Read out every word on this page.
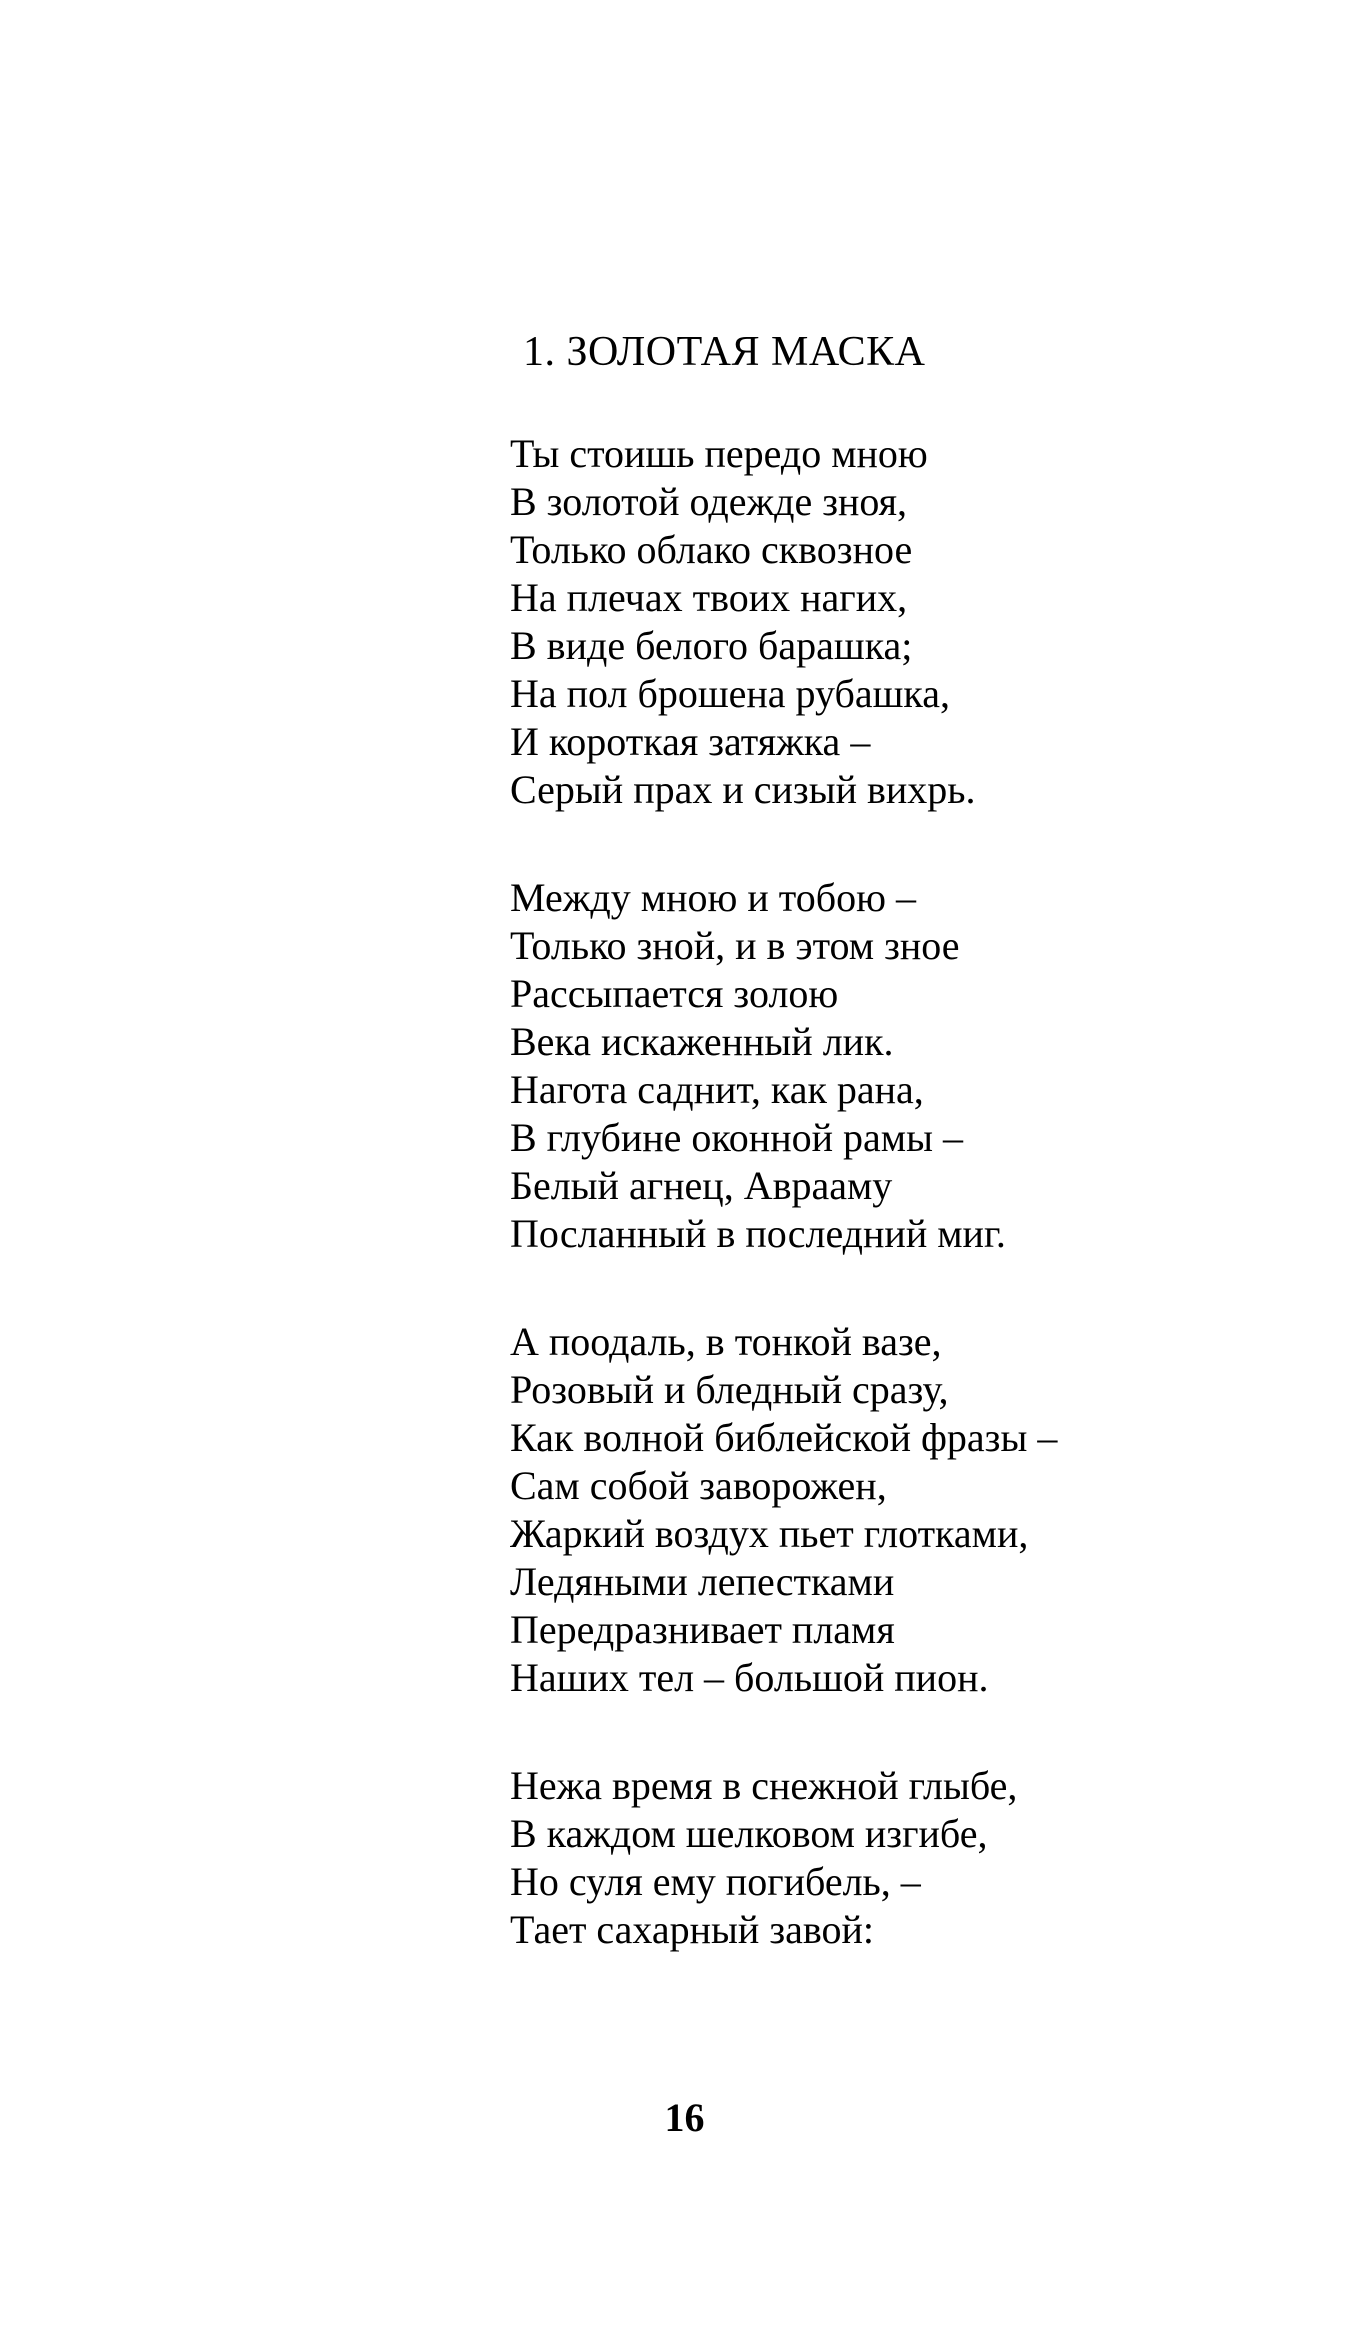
1. ЗОЛОТАЯ МАСКА
Ты стоишь передо мною
В золотой одежде зноя,
Только облако сквозное
На плечах твоих нагих,
В виде белого барашка;
На пол брошена рубашка,
И короткая затяжка –
Серый прах и сизый вихрь.
Между мною и тобою –
Только зной, и в этом зное
Рассыпается золою
Века искаженный лик.
Нагота саднит, как рана,
В глубине оконной рамы –
Белый агнец, Аврааму
Посланный в последний миг.
А поодаль, в тонкой вазе,
Розовый и бледный сразу,
Как волной библейской фразы –
Сам собой заворожен,
Жаркий воздух пьет глотками,
Ледяными лепестками
Передразнивает пламя
Наших тел – большой пион.
Нежа время в снежной глыбе,
В каждом шелковом изгибе,
Но суля ему погибель, –
Тает сахарный завой:
16
